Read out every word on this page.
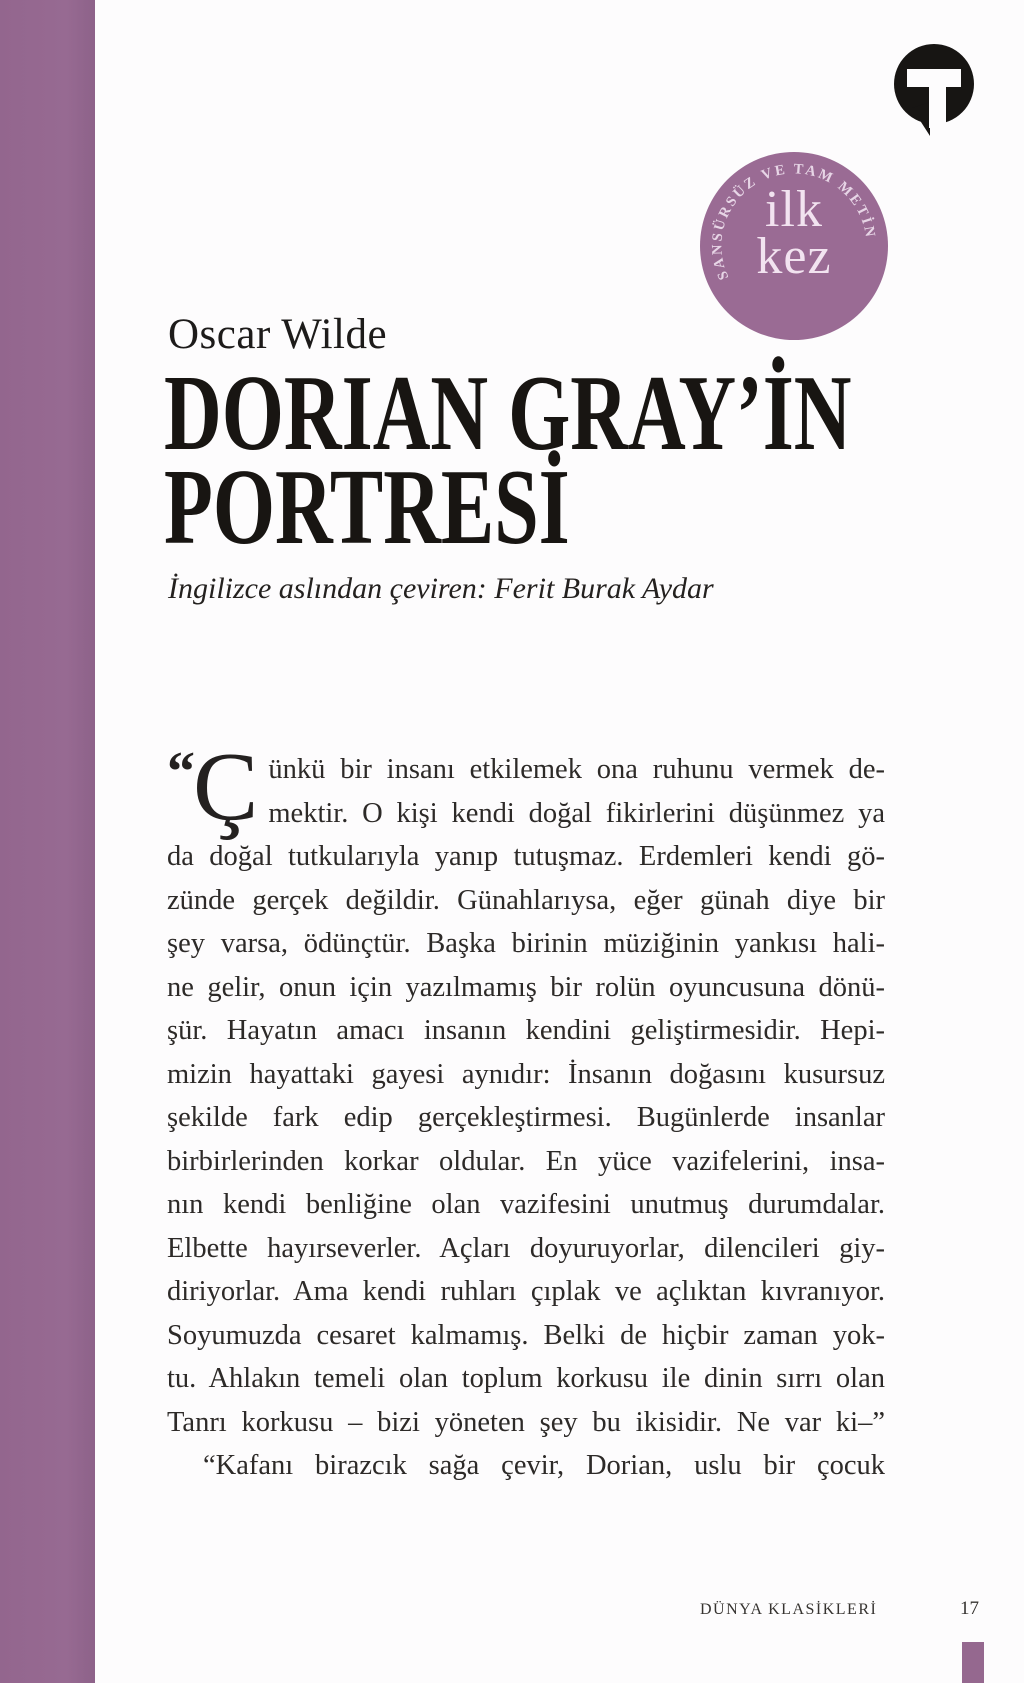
SANSÜRSÜZ VE TAM METİN
ilk
kez
Oscar Wilde
DORIAN GRAY’İN
PORTRESİ
İngilizce aslından çeviren: Ferit Burak Aydar
“ Ç ünkü bir insanı etkilemek ona ruhunu vermek de-
mektir. O kişi kendi doğal fikirlerini düşünmez ya
da doğal tutkularıyla yanıp tutuşmaz. Erdemleri kendi gö-
zünde gerçek değildir. Günahlarıysa, eğer günah diye bir
şey varsa, ödünçtür. Başka birinin müziğinin yankısı hali-
ne gelir, onun için yazılmamış bir rolün oyuncusuna dönü-
şür. Hayatın amacı insanın kendini geliştirmesidir. Hepi-
mizin hayattaki gayesi aynıdır: İnsanın doğasını kusursuz
şekilde fark edip gerçekleştirmesi. Bugünlerde insanlar
birbirlerinden korkar oldular. En yüce vazifelerini, insa-
nın kendi benliğine olan vazifesini unutmuş durumdalar.
Elbette hayırseverler. Açları doyuruyorlar, dilencileri giy-
diriyorlar. Ama kendi ruhları çıplak ve açlıktan kıvranıyor.
Soyumuzda cesaret kalmamış. Belki de hiçbir zaman yok-
tu. Ahlakın temeli olan toplum korkusu ile dinin sırrı olan
Tanrı korkusu – bizi yöneten şey bu ikisidir. Ne var ki–”
“Kafanı birazcık sağa çevir, Dorian, uslu bir çocuk
DÜNYA KLASİKLERİ	17
